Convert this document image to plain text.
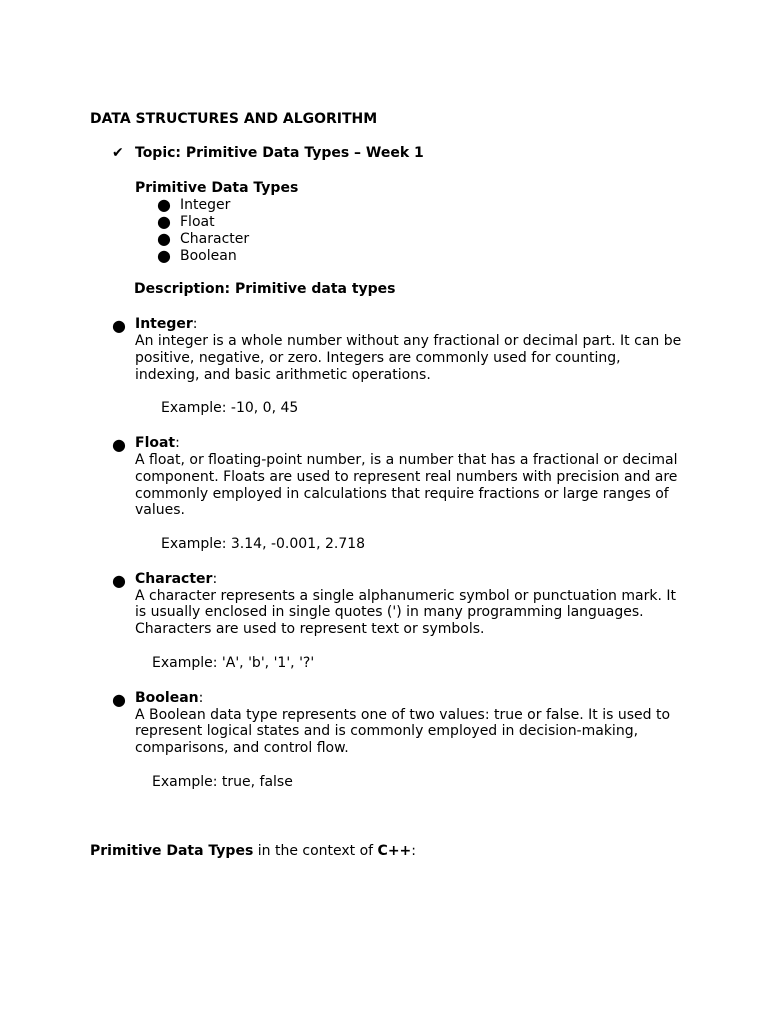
DATA STRUCTURES AND ALGORITHM
✔ Topic: Primitive Data Types – Week 1
Primitive Data Types
● Integer
● Float
● Character
● Boolean
Description: Primitive data types
● Integer:
An integer is a whole number without any fractional or decimal part. It can be
positive, negative, or zero. Integers are commonly used for counting,
indexing, and basic arithmetic operations.
Example: -10, 0, 45
● Float:
A float, or floating-point number, is a number that has a fractional or decimal
component. Floats are used to represent real numbers with precision and are
commonly employed in calculations that require fractions or large ranges of
values.
Example: 3.14, -0.001, 2.718
● Character:
A character represents a single alphanumeric symbol or punctuation mark. It
is usually enclosed in single quotes (') in many programming languages.
Characters are used to represent text or symbols.
Example: 'A', 'b', '1', '?'
● Boolean:
A Boolean data type represents one of two values: true or false. It is used to
represent logical states and is commonly employed in decision-making,
comparisons, and control flow.
Example: true, false
Primitive Data Types in the context of C++:
